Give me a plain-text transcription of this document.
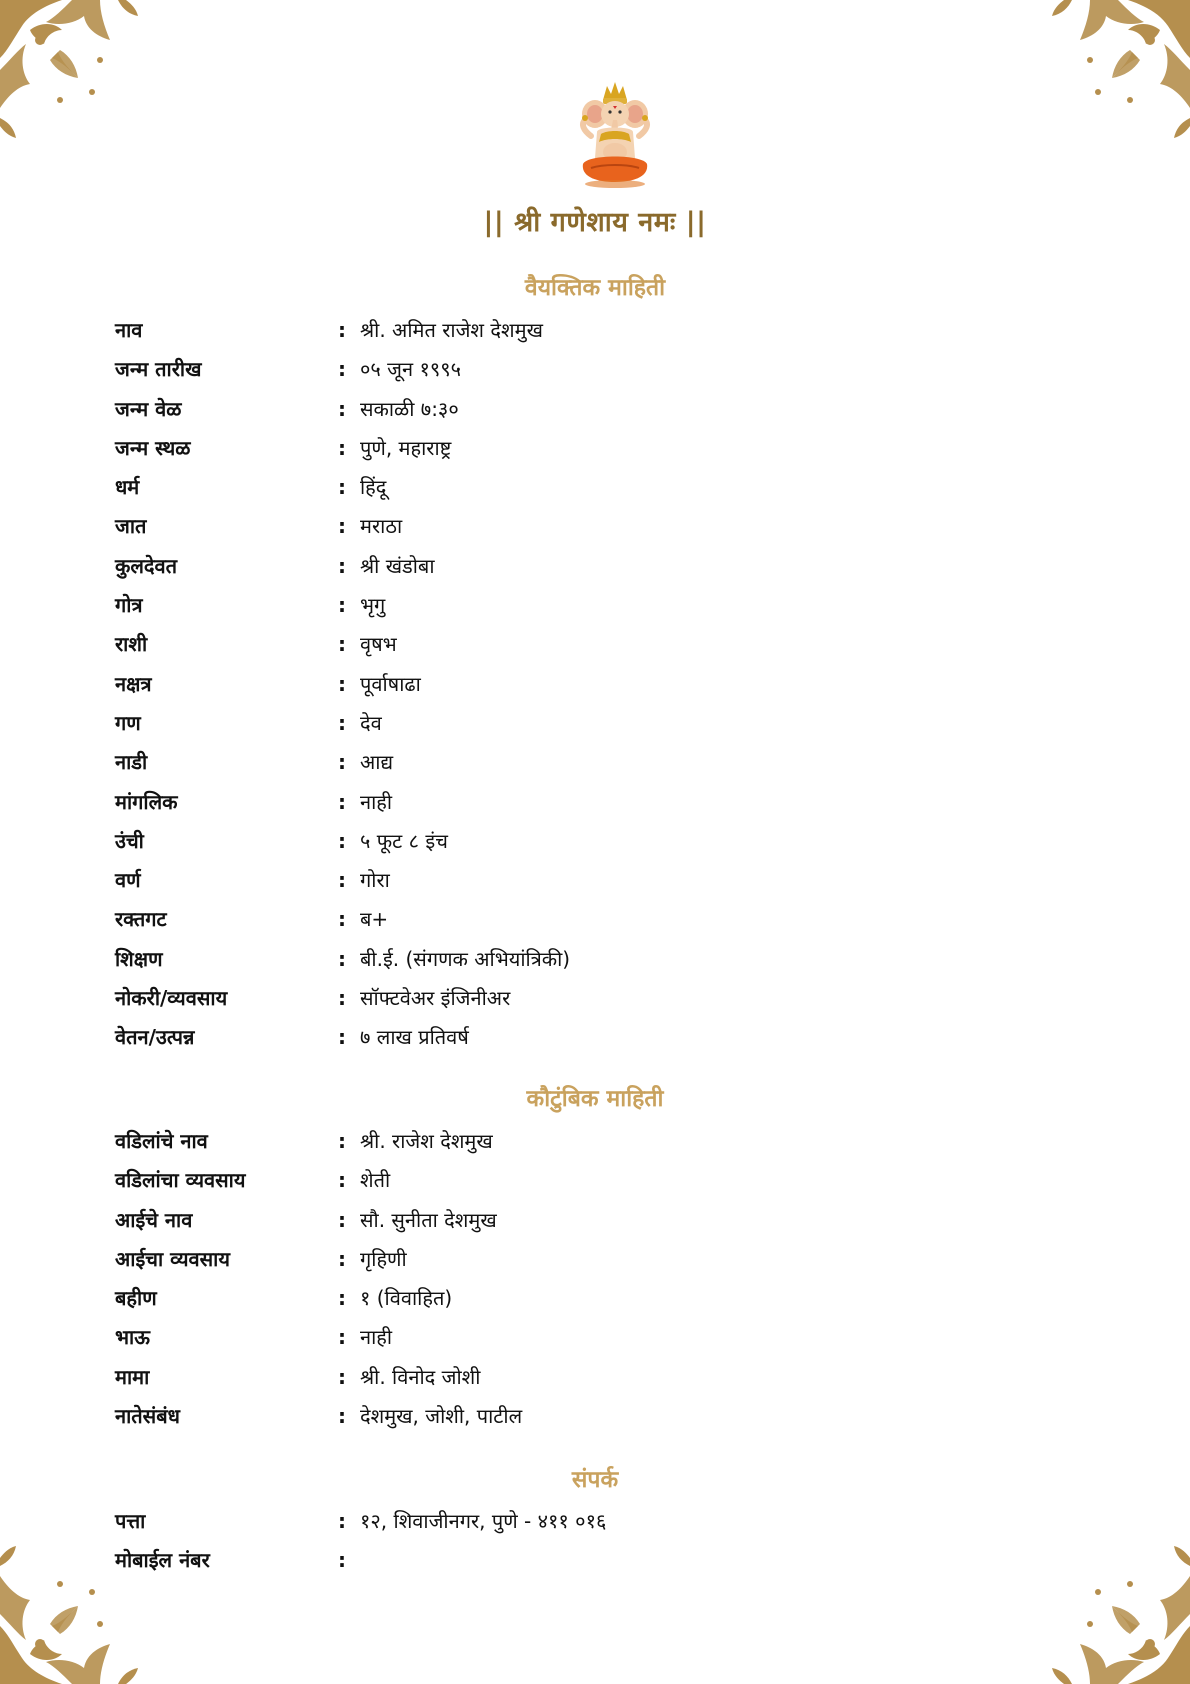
|| श्री गणेशाय नमः ||
वैयक्तिक माहिती
नाव	: श्री. अमित राजेश देशमुख
जन्म तारीख	: ०५ जून १९९५
जन्म वेळ	: सकाळी ७:३०
जन्म स्थळ	: पुणे, महाराष्ट्र
धर्म	: हिंदू
जात	: मराठा
कुलदेवत	: श्री खंडोबा
गोत्र	: भृगु
राशी	: वृषभ
नक्षत्र	: पूर्वाषाढा
गण	: देव
नाडी	: आद्य
मांगलिक	: नाही
उंची	: ५ फूट ८ इंच
वर्ण	: गोरा
रक्तगट	: ब+
शिक्षण	: बी.ई. (संगणक अभियांत्रिकी)
नोकरी/व्यवसाय	: सॉफ्टवेअर इंजिनीअर
वेतन/उत्पन्न	: ७ लाख प्रतिवर्ष
कौटुंबिक माहिती
वडिलांचे नाव	: श्री. राजेश देशमुख
वडिलांचा व्यवसाय	: शेती
आईचे नाव	: सौ. सुनीता देशमुख
आईचा व्यवसाय	: गृहिणी
बहीण	: १ (विवाहित)
भाऊ	: नाही
मामा	: श्री. विनोद जोशी
नातेसंबंध	: देशमुख, जोशी, पाटील
संपर्क
पत्ता	: १२, शिवाजीनगर, पुणे - ४११ ०१६
मोबाईल नंबर	:
